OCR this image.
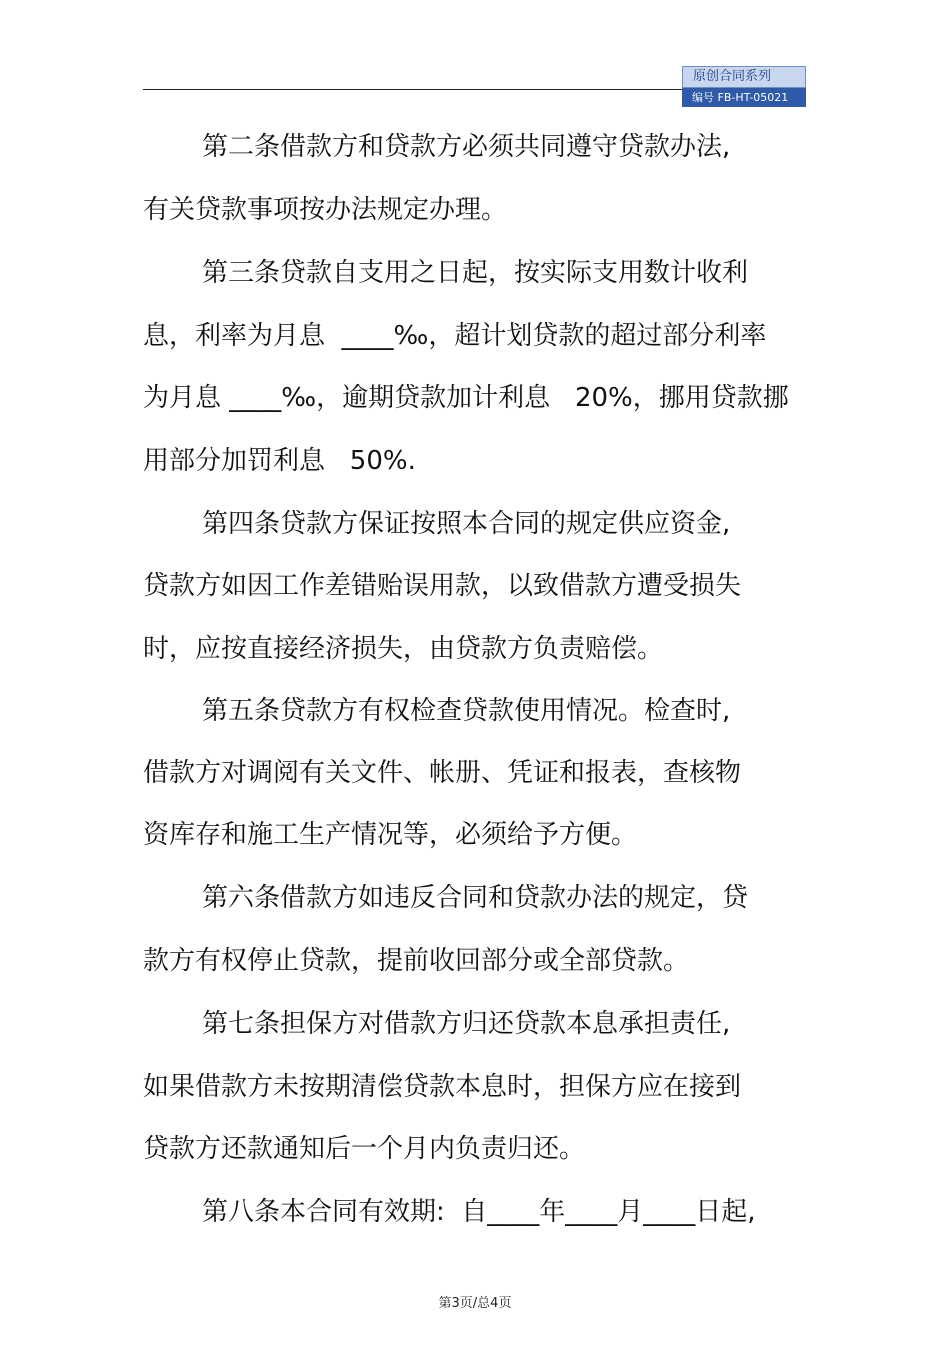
原创合同系列
编号 FB-HT-05021
第二条借款方和贷款方必须共同遵守贷款办法,
有关贷款事项按办法规定办理。
第三条贷款自支用之日起，按实际支用数计收利
息，利率为月息  ____‰，超计划贷款的超过部分利率
为月息 ____‰，逾期贷款加计利息   20%，挪用贷款挪
用部分加罚利息   50%.
第四条贷款方保证按照本合同的规定供应资金,
贷款方如因工作差错贻误用款，以致借款方遭受损失
时，应按直接经济损失，由贷款方负责赔偿。
第五条贷款方有权检查贷款使用情况。检查时,
借款方对调阅有关文件、帐册、凭证和报表，查核物
资库存和施工生产情况等，必须给予方便。
第六条借款方如违反合同和贷款办法的规定，贷
款方有权停止贷款，提前收回部分或全部贷款。
第七条担保方对借款方归还贷款本息承担责任,
如果借款方未按期清偿贷款本息时，担保方应在接到
贷款方还款通知后一个月内负责归还。
第八条本合同有效期:  自____年____月____日起,
第3页/总4页
